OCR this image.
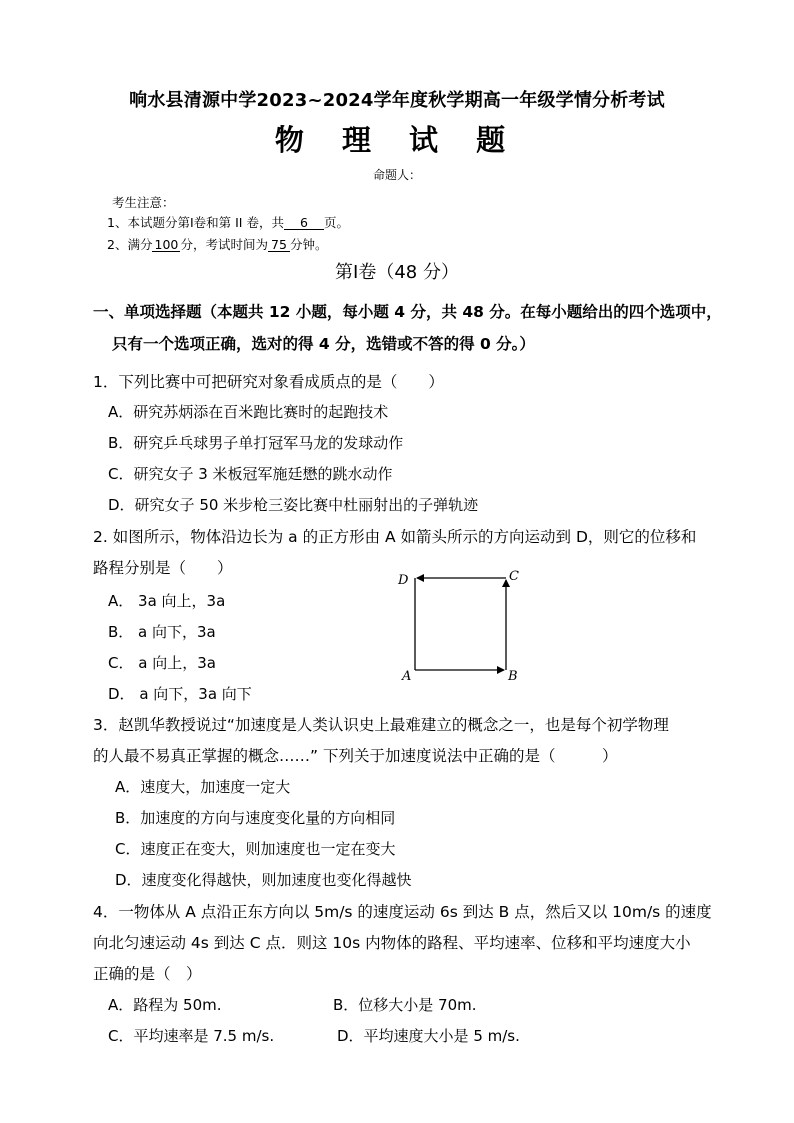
响水县清源中学2023~2024学年度秋学期高一年级学情分析考试
物 理 试 题
命题人：
考生注意：
1、本试题分第Ⅰ卷和第 II 卷，共 6 页。
2、满分 100 分，考试时间为 75 分钟。
第Ⅰ卷（48 分）
一、单项选择题（本题共 12 小题，每小题 4 分，共 48 分。在每小题给出的四个选项中，
只有一个选项正确，选对的得 4 分，选错或不答的得 0 分。）
1．下列比赛中可把研究对象看成质点的是（　　）
A．研究苏炳添在百米跑比赛时的起跑技术
B．研究乒乓球男子单打冠军马龙的发球动作
C．研究女子 3 米板冠军施廷懋的跳水动作
D．研究女子 50 米步枪三姿比赛中杜丽射出的子弹轨迹
2. 如图所示，物体沿边长为 a 的正方形由 A 如箭头所示的方向运动到 D，则它的位移和
路程分别是（　　）
A． 3a 向上，3a
B． a 向下，3a
C． a 向上，3a
D． a 向下，3a 向下
D	C
A	B
3．赵凯华教授说过“加速度是人类认识史上最难建立的概念之一，也是每个初学物理
的人最不易真正掌握的概念……” 下列关于加速度说法中正确的是（　　　）
A．速度大，加速度一定大
B．加速度的方向与速度变化量的方向相同
C．速度正在变大，则加速度也一定在变大
D．速度变化得越快，则加速度也变化得越快
4．一物体从 A 点沿正东方向以 5m/s 的速度运动 6s 到达 B 点，然后又以 10m/s 的速度
向北匀速运动 4s 到达 C 点．则这 10s 内物体的路程、平均速率、位移和平均速度大小
正确的是（　）
A．路程为 50m.	B．位移大小是 70m.
C．平均速率是 7.5 m/s.	D．平均速度大小是 5 m/s.
